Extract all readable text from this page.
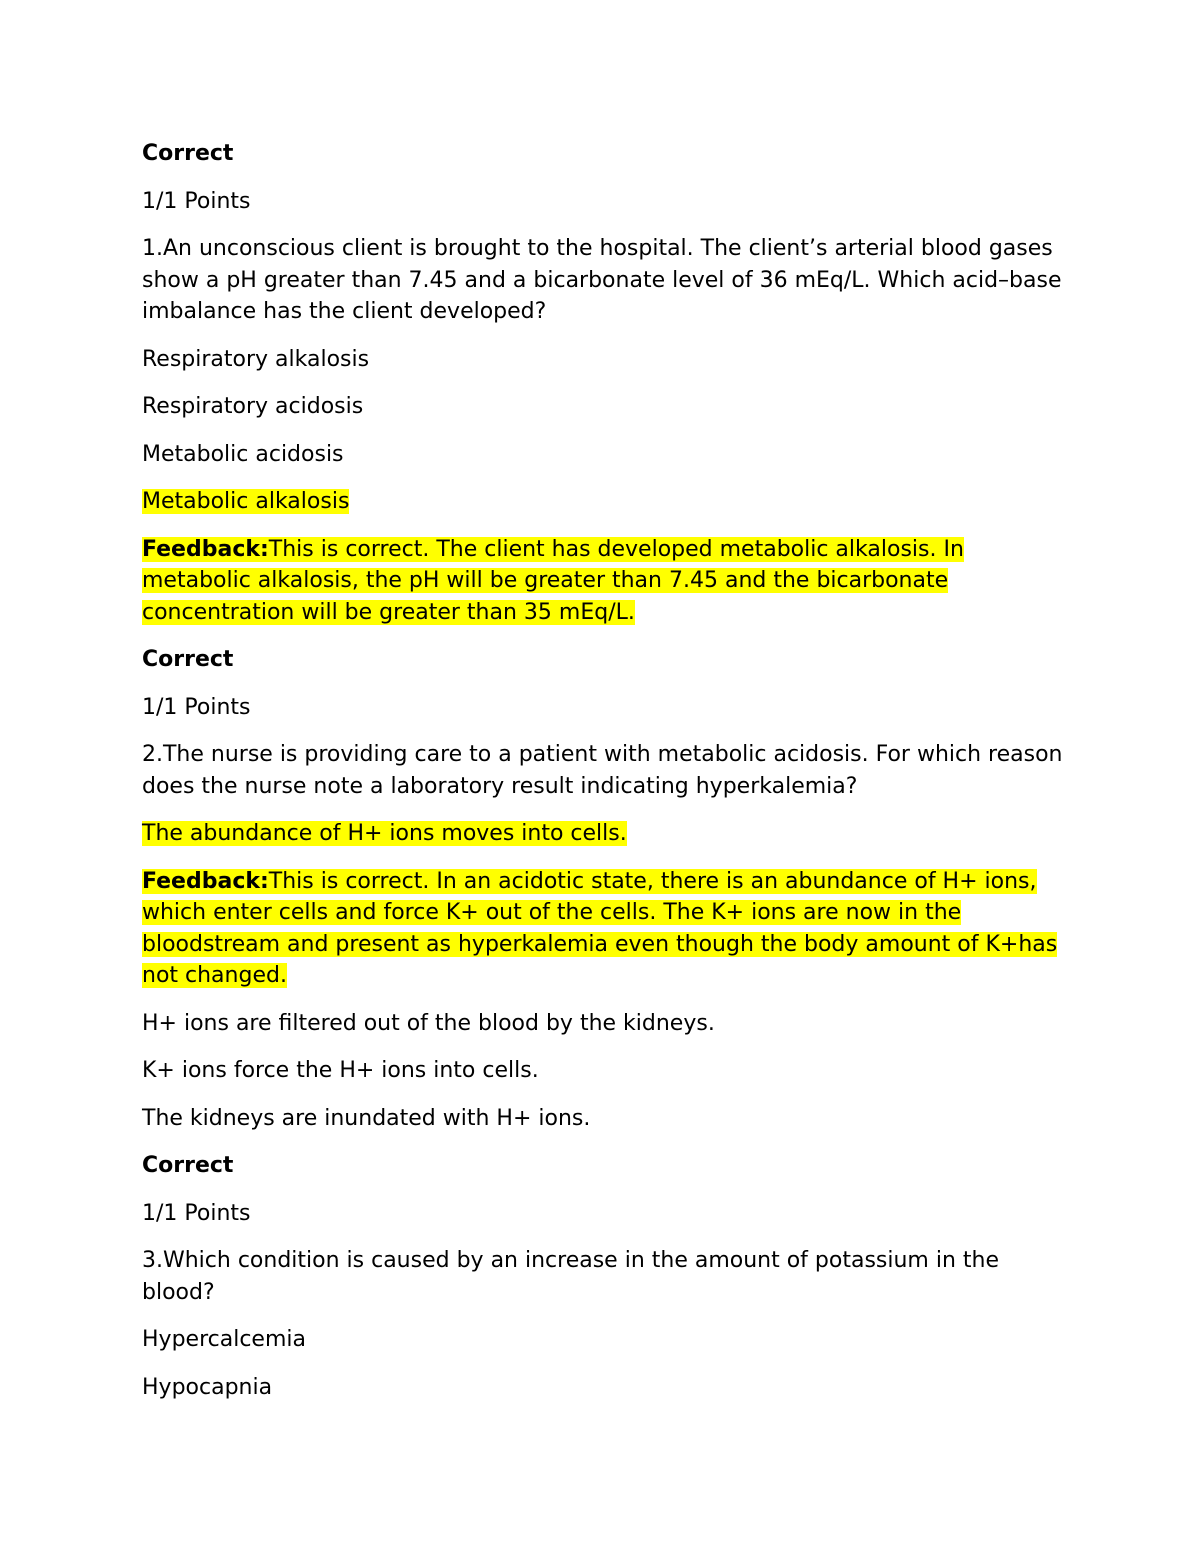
Correct

1/1 Points

1.An unconscious client is brought to the hospital. The client’s arterial blood gases show a pH greater than 7.45 and a bicarbonate level of 36 mEq/L. Which acid–base imbalance has the client developed?

Respiratory alkalosis

Respiratory acidosis

Metabolic acidosis

Metabolic alkalosis

Feedback:This is correct. The client has developed metabolic alkalosis. In metabolic alkalosis, the pH will be greater than 7.45 and the bicarbonate concentration will be greater than 35 mEq/L.

Correct

1/1 Points

2.The nurse is providing care to a patient with metabolic acidosis. For which reason does the nurse note a laboratory result indicating hyperkalemia?

The abundance of H+ ions moves into cells.

Feedback:This is correct. In an acidotic state, there is an abundance of H+ ions, which enter cells and force K+ out of the cells. The K+ ions are now in the bloodstream and present as hyperkalemia even though the body amount of K+has not changed.

H+ ions are filtered out of the blood by the kidneys.

K+ ions force the H+ ions into cells.

The kidneys are inundated with H+ ions.

Correct

1/1 Points

3.Which condition is caused by an increase in the amount of potassium in the blood?

Hypercalcemia

Hypocapnia
